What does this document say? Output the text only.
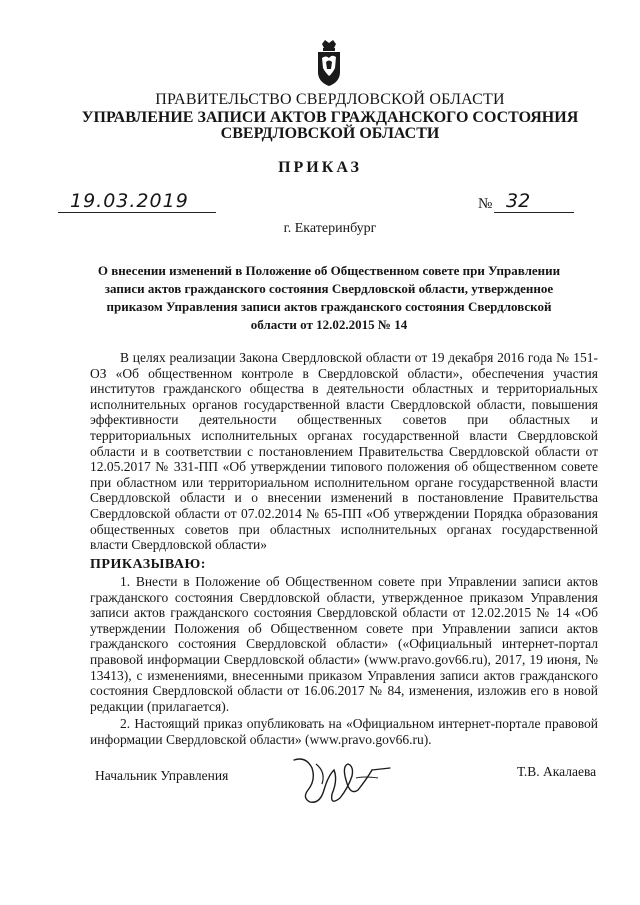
ПРАВИТЕЛЬСТВО СВЕРДЛОВСКОЙ ОБЛАСТИ
УПРАВЛЕНИЕ ЗАПИСИ АКТОВ ГРАЖДАНСКОГО СОСТОЯНИЯ
СВЕРДЛОВСКОЙ ОБЛАСТИ
ПРИКАЗ
19.03.2019	№ 32
г. Екатеринбург
О внесении изменений в Положение об Общественном совете при Управлении записи актов гражданского состояния Свердловской области, утвержденное приказом Управления записи актов гражданского состояния Свердловской области от 12.02.2015 № 14

В целях реализации Закона Свердловской области от 19 декабря 2016 года № 151-ОЗ «Об общественном контроле в Свердловской области», обеспечения участия институтов гражданского общества в деятельности областных и территориальных исполнительных органов государственной власти Свердловской области, повышения эффективности деятельности общественных советов при областных и территориальных исполнительных органах государственной власти Свердловской области и в соответствии с постановлением Правительства Свердловской области от 12.05.2017 № 331-ПП «Об утверждении типового положения об общественном совете при областном или территориальном исполнительном органе государственной власти Свердловской области и о внесении изменений в постановление Правительства Свердловской области от 07.02.2014 № 65-ПП «Об утверждении Порядка образования общественных советов при областных исполнительных органах государственной власти Свердловской области»

ПРИКАЗЫВАЮ:

1. Внести в Положение об Общественном совете при Управлении записи актов гражданского состояния Свердловской области, утвержденное приказом Управления записи актов гражданского состояния Свердловской области от 12.02.2015 № 14 «Об утверждении Положения об Общественном совете при Управлении записи актов гражданского состояния Свердловской области» («Официальный интернет-портал правовой информации Свердловской области» (www.pravo.gov66.ru), 2017, 19 июня, № 13413), с изменениями, внесенными приказом Управления записи актов гражданского состояния Свердловской области от 16.06.2017 № 84, изменения, изложив его в новой редакции (прилагается).

2. Настоящий приказ опубликовать на «Официальном интернет-портале правовой информации Свердловской области» (www.pravo.gov66.ru).

Начальник Управления	Т.В. Акалаева
